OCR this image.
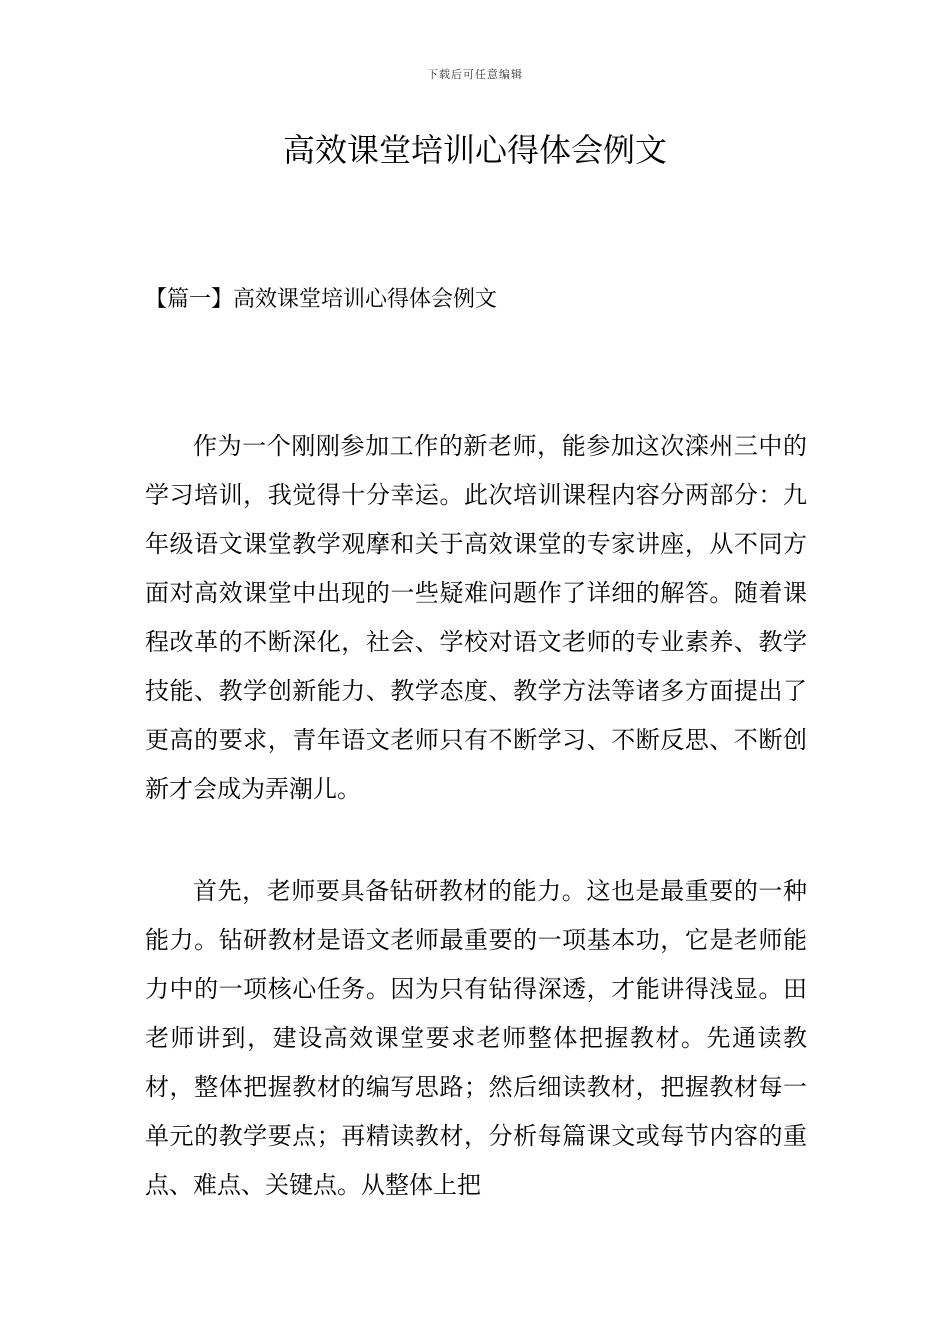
下载后可任意编辑
高效课堂培训心得体会例文
【篇一】高效课堂培训心得体会例文

作为一个刚刚参加工作的新老师，能参加这次滦州三中的学习培训，我觉得十分幸运。此次培训课程内容分两部分：九年级语文课堂教学观摩和关于高效课堂的专家讲座，从不同方面对高效课堂中出现的一些疑难问题作了详细的解答。随着课程改革的不断深化，社会、学校对语文老师的专业素养、教学技能、教学创新能力、教学态度、教学方法等诸多方面提出了更高的要求，青年语文老师只有不断学习、不断反思、不断创新才会成为弄潮儿。

首先，老师要具备钻研教材的能力。这也是最重要的一种能力。钻研教材是语文老师最重要的一项基本功，它是老师能力中的一项核心任务。因为只有钻得深透，才能讲得浅显。田老师讲到，建设高效课堂要求老师整体把握教材。先通读教材，整体把握教材的编写思路；然后细读教材，把握教材每一单元的教学要点；再精读教材，分析每篇课文或每节内容的重点、难点、关键点。从整体上把
